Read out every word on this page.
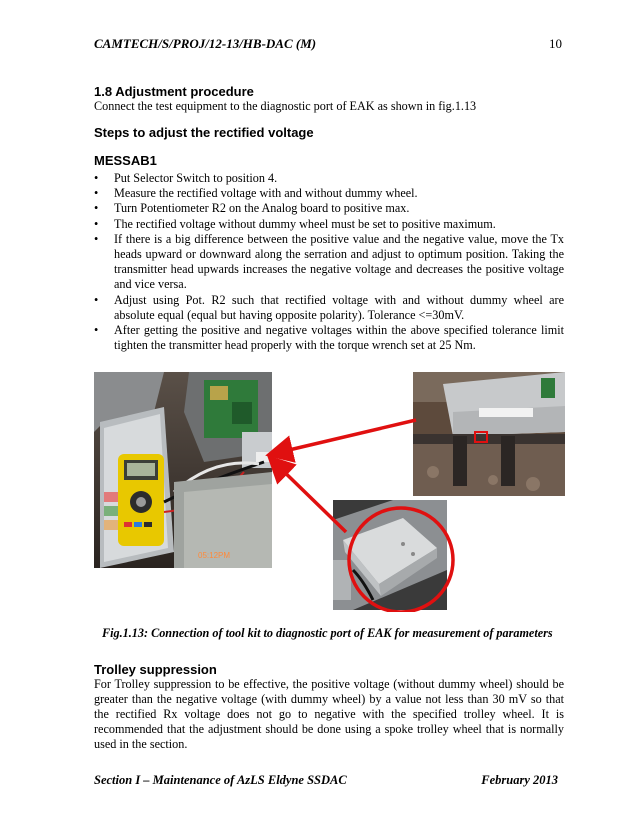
CAMTECH/S/PROJ/12-13/HB-DAC (M)	10
1.8 Adjustment procedure
Connect the test equipment to the diagnostic port of EAK as shown in fig.1.13
Steps to adjust the rectified voltage
MESSAB1
• Put Selector Switch to position 4.
• Measure the rectified voltage with and without dummy wheel.
• Turn Potentiometer R2 on the Analog board to positive max.
• The rectified voltage without dummy wheel must be set to positive maximum.
• If there is a big difference between the positive value and the negative value, move the Tx heads upward or downward along the serration and adjust to optimum position. Taking the transmitter head upwards increases the negative voltage and decreases the positive voltage and vice versa.
• Adjust using Pot. R2 such that rectified voltage with and without dummy wheel are absolute equal (equal but having opposite polarity). Tolerance <=30mV.
• After getting the positive and negative voltages within the above specified tolerance limit tighten the transmitter head properly with the torque wrench set at 25 Nm.
05:12PM
Fig.1.13: Connection of tool kit to diagnostic port of EAK for measurement of parameters
Trolley suppression
For Trolley suppression to be effective, the positive voltage (without dummy wheel) should be greater than the negative voltage (with dummy wheel) by a value not less than 30 mV so that the rectified Rx voltage does not go to negative with the specified trolley wheel. It is recommended that the adjustment should be done using a spoke trolley wheel that is normally used in the section.
Section I – Maintenance of AzLS Eldyne SSDAC	February 2013
